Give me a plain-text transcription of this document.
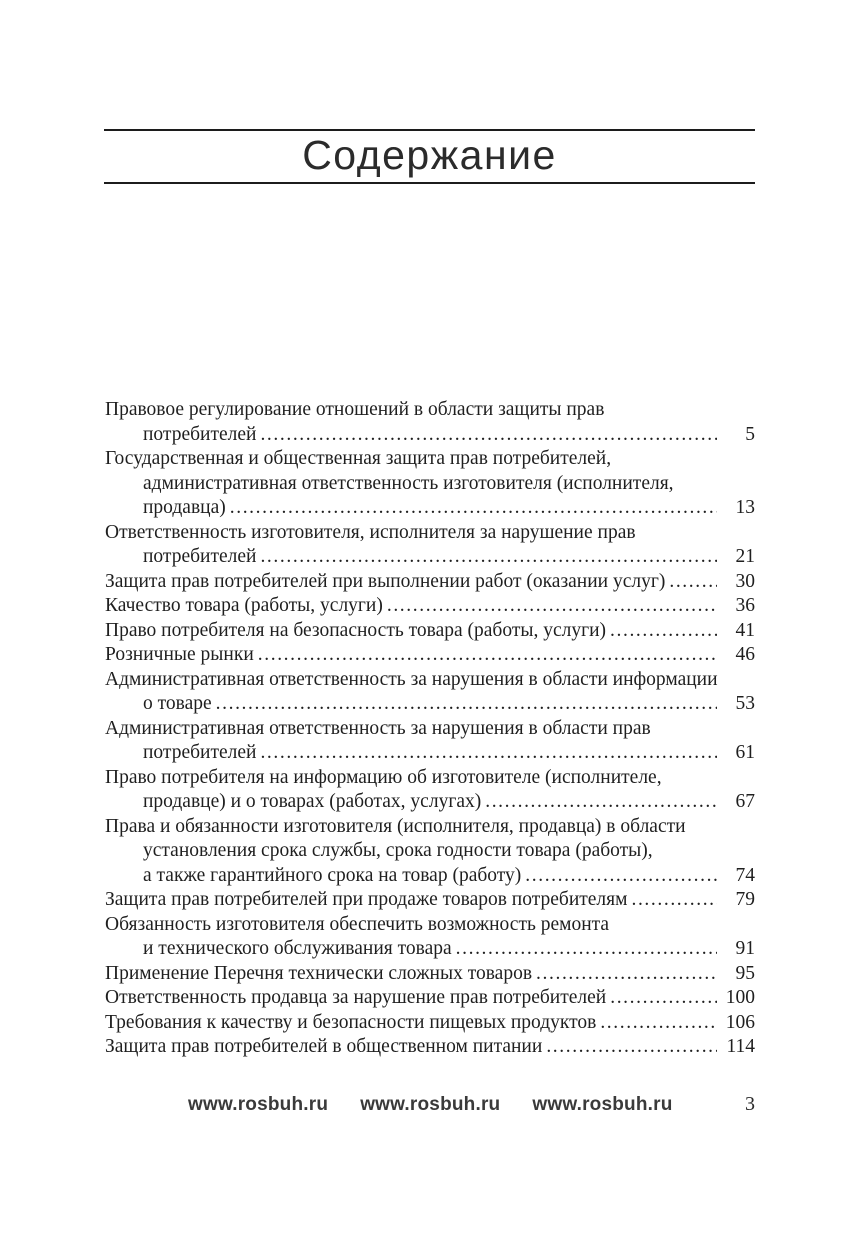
Содержание
Правовое регулирование отношений в области защиты прав
потребителей .....	5
Государственная и общественная защита прав потребителей,
административная ответственность изготовителя (исполнителя,
продавца) .....	13
Ответственность изготовителя, исполнителя за нарушение прав
потребителей .....	21
Защита прав потребителей при выполнении работ (оказании услуг) .....	30
Качество товара (работы, услуги) .....	36
Право потребителя на безопасность товара (работы, услуги) .....	41
Розничные рынки .....	46
Административная ответственность за нарушения в области информации
о товаре .....	53
Административная ответственность за нарушения в области прав
потребителей .....	61
Право потребителя на информацию об изготовителе (исполнителе,
продавце) и о товарах (работах, услугах) .....	67
Права и обязанности изготовителя (исполнителя, продавца) в области
установления срока службы, срока годности товара (работы),
а также гарантийного срока на товар (работу) .....	74
Защита прав потребителей при продаже товаров потребителям .....	79
Обязанность изготовителя обеспечить возможность ремонта
и технического обслуживания товара .....	91
Применение Перечня технически сложных товаров .....	95
Ответственность продавца за нарушение прав потребителей .....	100
Требования к качеству и безопасности пищевых продуктов .....	106
Защита прав потребителей в общественном питании .....	114
www.rosbuh.ru www.rosbuh.ru www.rosbuh.ru	3
